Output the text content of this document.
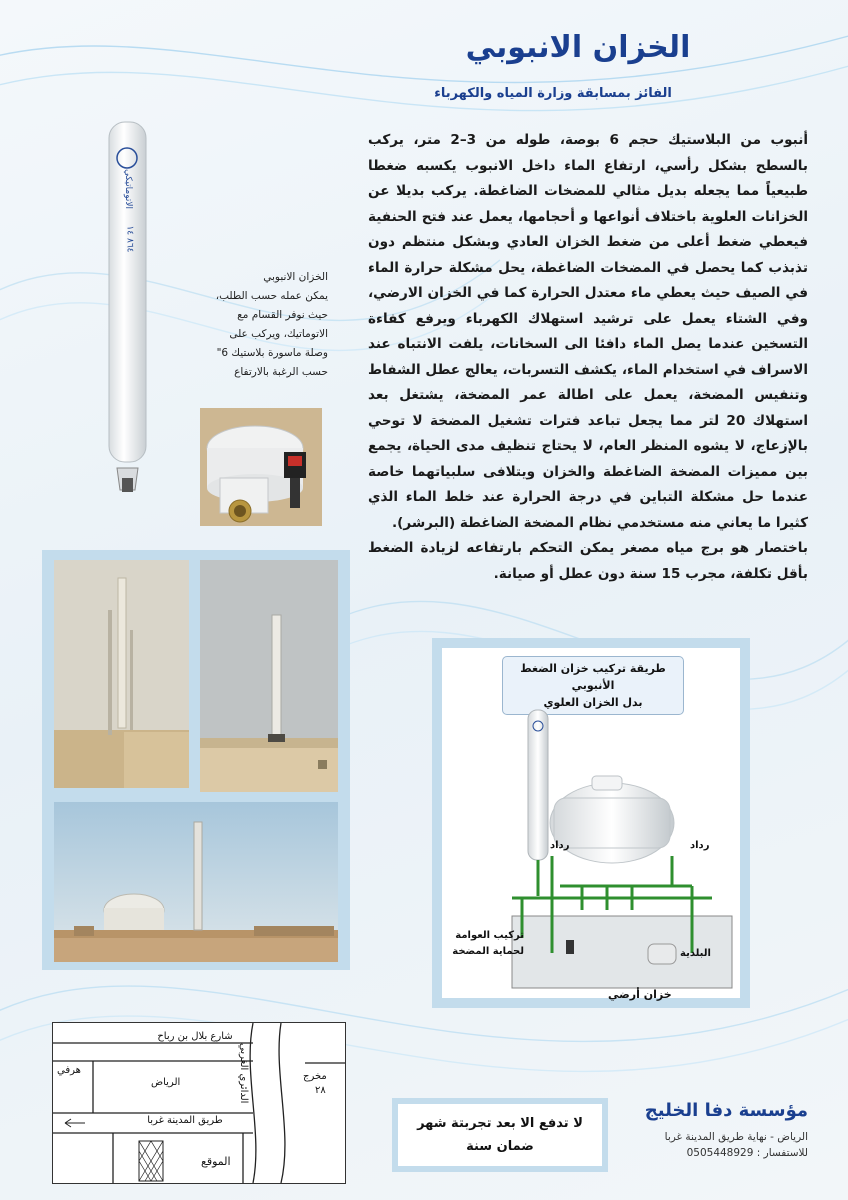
الخزان الانبوبي
الفائز بمسابقة وزارة المياه والكهرباء

أنبوب من البلاستيك حجم 6 بوصة، طوله من 3–2 متر، يركب بالسطح بشكل رأسي، ارتفاع الماء داخل الانبوب يكسبه ضغطا طبيعياً مما يجعله بديل مثالي للمضخات الضاغطة. يركب بديلا عن الخزانات العلوية باختلاف أنواعها و أحجامها، يعمل عند فتح الحنفية فيعطي ضغط أعلى من ضغط الخزان العادي وبشكل منتظم دون تذبذب كما يحصل في المضخات الضاغطة، يحل مشكلة حرارة الماء في الصيف حيث يعطي ماء معتدل الحرارة كما في الخزان الارضي، وفي الشتاء يعمل على ترشيد استهلاك الكهرباء ويرفع كفاءة التسخين عندما يصل الماء دافئا الى السخانات، يلفت الانتباه عند الاسراف في استخدام الماء، يكشف التسربات، يعالج عطل الشفاط وتنفيس المضخة، يعمل على اطالة عمر المضخة، يشتغل بعد استهلاك 20 لتر مما يجعل تباعد فترات تشغيل المضخة لا توحي بالإزعاج، لا يشوه المنظر العام، لا يحتاج تنظيف مدى الحياة، يجمع بين مميزات المضخة الضاغطة والخزان ويتلافى سلبياتهما خاصة عندما حل مشكلة التباين في درجة الحرارة عند خلط الماء الذي كثيرا ما يعاني منه مستخدمي نظام المضخة الضاغطة (البرشر).

باختصار هو برج مياه مصغر يمكن التحكم بارتفاعه لزيادة الضغط بأقل تكلفة، مجرب 15 سنة دون عطل أو صيانة.

الاتوماتيكي
٨٦٤ ١٤

الخزان الانبوبي

يمكن عمله حسب الطلب،

حيث نوفر القسام مع

الاتوماتيك، ويركب على

وصلة ماسورة بلاستيك 6"

حسب الرغبة بالارتفاع

طريقة تركيب خزان الضغط الأنبوبي

بدل الخزان العلوي

رداد	رداد
تركيب العوامة
لحماية المضخة	البلدية
خزان أرضي
شارع بلال بن رباح
الدائري الغربي
طريق المدينة غربا
الرياض
مخرج
٢٨
هرفي
الموقع
لا تدفع الا بعد تجربتة شهر
ضمان سنة
مؤسسة دفا الخليج
الرياض - نهاية طريق المدينة غربا
للاستفسار : 0505448929
